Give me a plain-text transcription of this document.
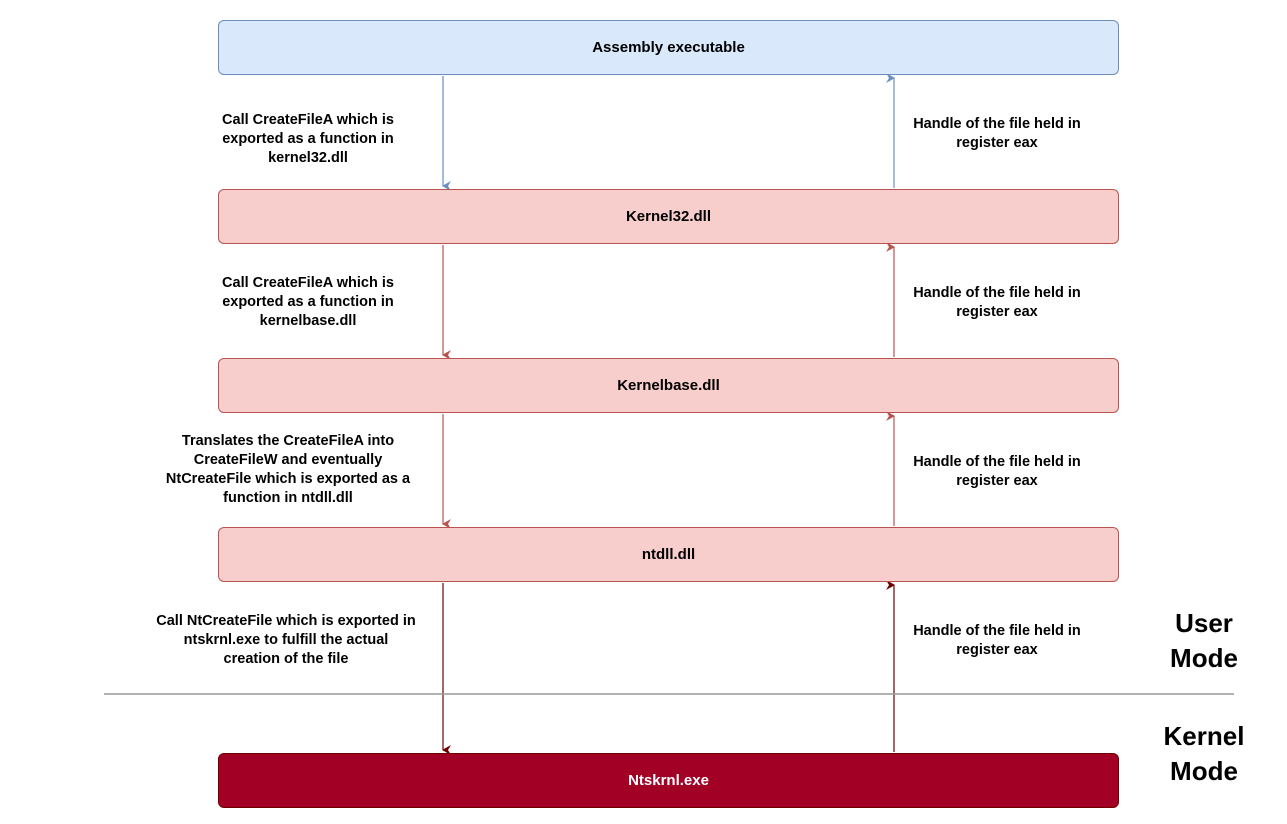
Assembly executable
Kernel32.dll
Kernelbase.dll
ntdll.dll
Ntskrnl.exe
Call CreateFileA which is
exported as a function in
kernel32.dll
Call CreateFileA which is
exported as a function in
kernelbase.dll
Translates the CreateFileA into
CreateFileW and eventually
NtCreateFile which is exported as a
function in ntdll.dll
Call NtCreateFile which is exported in
ntskrnl.exe to fulfill the actual
creation of the file
Handle of the file held in
register eax
Handle of the file held in
register eax
Handle of the file held in
register eax
Handle of the file held in
register eax
User
Mode
Kernel
Mode
